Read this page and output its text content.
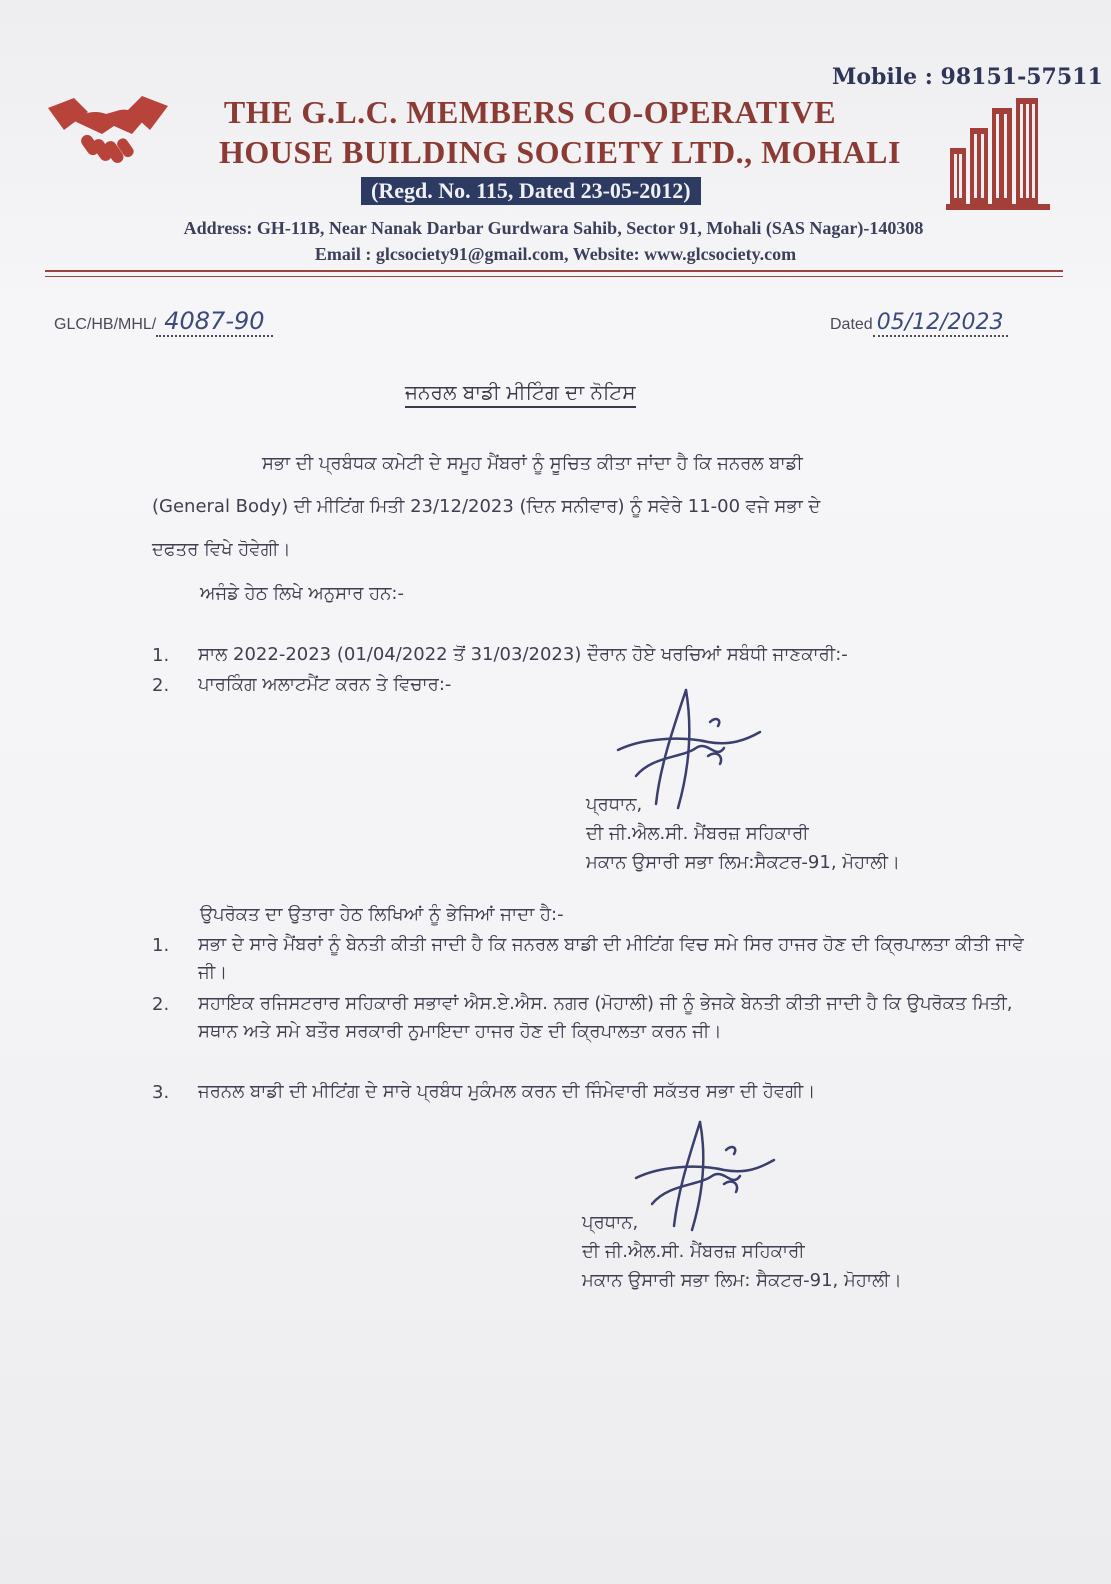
Mobile : 98151-57511
THE G.L.C. MEMBERS CO-OPERATIVE
HOUSE BUILDING SOCIETY LTD., MOHALI
(Regd. No. 115, Dated 23-05-2012)
Address: GH-11B, Near Nanak Darbar Gurdwara Sahib, Sector 91, Mohali (SAS Nagar)-140308
Email : glcsociety91@gmail.com, Website: www.glcsociety.com
GLC/HB/MHL/ 4087-90	Dated 05/12/2023
ਜਨਰਲ ਬਾਡੀ ਮੀਟਿੰਗ ਦਾ ਨੋਟਿਸ
ਸਭਾ ਦੀ ਪ੍ਰਬੰਧਕ ਕਮੇਟੀ ਦੇ ਸਮੂਹ ਮੈਂਬਰਾਂ ਨੂੰ ਸੂਚਿਤ ਕੀਤਾ ਜਾਂਦਾ ਹੈ ਕਿ ਜਨਰਲ ਬਾਡੀ
(General Body) ਦੀ ਮੀਟਿਂਗ ਮਿਤੀ 23/12/2023 (ਦਿਨ ਸਨੀਵਾਰ) ਨੂੰ ਸਵੇਰੇ 11-00 ਵਜੇ ਸਭਾ ਦੇ
ਦਫਤਰ ਵਿਖੇ ਹੋਵੇਗੀ।
ਅਜੰਡੇ ਹੇਠ ਲਿਖੇ ਅਨੁਸਾਰ ਹਨ:-
1. ਸਾਲ 2022-2023 (01/04/2022 ਤੋਂ 31/03/2023) ਦੌਰਾਨ ਹੋਏ ਖਰਚਿਆਂ ਸਬੰਧੀ ਜਾਣਕਾਰੀ:-
2. ਪਾਰਕਿੰਗ ਅਲਾਟਮੈਂਟ ਕਰਨ ਤੇ ਵਿਚਾਰ:-
ਪ੍ਰਧਾਨ,
ਦੀ ਜੀ.ਐਲ.ਸੀ. ਮੈਂਬਰਜ਼ ਸਹਿਕਾਰੀ
ਮਕਾਨ ਉਸਾਰੀ ਸਭਾ ਲਿਮ:ਸੈਕਟਰ-91, ਮੋਹਾਲੀ।
ਉਪਰੋਕਤ ਦਾ ਉਤਾਰਾ ਹੇਠ ਲਿਖਿਆਂ ਨੂੰ ਭੇਜਿਆਂ ਜਾਦਾ ਹੈ:-
1. ਸਭਾ ਦੇ ਸਾਰੇ ਮੈਂਬਰਾਂ ਨੂੰ ਬੇਨਤੀ ਕੀਤੀ ਜਾਦੀ ਹੈ ਕਿ ਜਨਰਲ ਬਾਡੀ ਦੀ ਮੀਟਿਂਗ ਵਿਚ ਸਮੇ ਸਿਰ ਹਾਜਰ ਹੋਣ ਦੀ ਕ੍ਰਿਪਾਲਤਾ ਕੀਤੀ ਜਾਵੇ ਜੀ।
2. ਸਹਾਇਕ ਰਜਿਸਟਰਾਰ ਸਹਿਕਾਰੀ ਸਭਾਵਾਂ ਐਸ.ਏ.ਐਸ. ਨਗਰ (ਮੋਹਾਲੀ) ਜੀ ਨੂੰ ਭੇਜਕੇ ਬੇਨਤੀ ਕੀਤੀ ਜਾਦੀ ਹੈ ਕਿ ਉਪਰੋਕਤ ਮਿਤੀ, ਸਥਾਨ ਅਤੇ ਸਮੇ ਬਤੌਰ ਸਰਕਾਰੀ ਨੁਮਾਇਦਾ ਹਾਜਰ ਹੋਣ ਦੀ ਕ੍ਰਿਪਾਲਤਾ ਕਰਨ ਜੀ।
3. ਜਰਨਲ ਬਾਡੀ ਦੀ ਮੀਟਿਂਗ ਦੇ ਸਾਰੇ ਪ੍ਰਬੰਧ ਮੁਕੰਮਲ ਕਰਨ ਦੀ ਜਿੰਮੇਵਾਰੀ ਸਕੱਤਰ ਸਭਾ ਦੀ ਹੋਵਗੀ।
ਪ੍ਰਧਾਨ,
ਦੀ ਜੀ.ਐਲ.ਸੀ. ਮੈਂਬਰਜ਼ ਸਹਿਕਾਰੀ
ਮਕਾਨ ਉਸਾਰੀ ਸਭਾ ਲਿਮ: ਸੈਕਟਰ-91, ਮੋਹਾਲੀ।
